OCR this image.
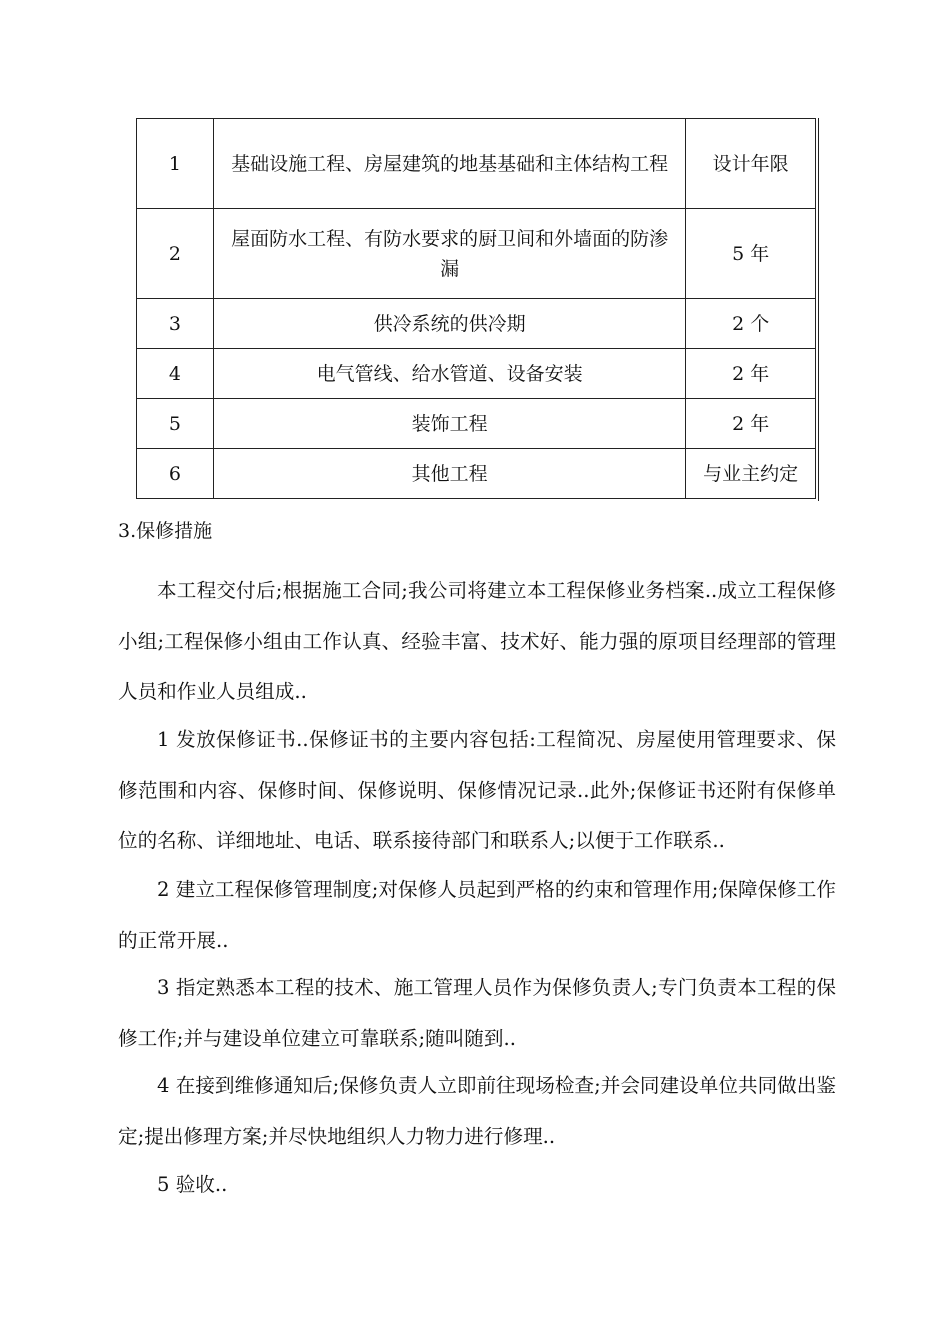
1	基础设施工程、房屋建筑的地基基础和主体结构工程	设计年限
2	屋面防水工程、有防水要求的厨卫间和外墙面的防渗漏	5 年
3	供冷系统的供冷期	2 个
4	电气管线、给水管道、设备安装	2 年
5	装饰工程	2 年
6	其他工程	与业主约定
3.保修措施

本工程交付后;根据施工合同;我公司将建立本工程保修业务档案..成立工程保修小组;工程保修小组由工作认真、经验丰富、技术好、能力强的原项目经理部的管理人员和作业人员组成..

1 发放保修证书..保修证书的主要内容包括:工程简况、房屋使用管理要求、保修范围和内容、保修时间、保修说明、保修情况记录..此外;保修证书还附有保修单位的名称、详细地址、电话、联系接待部门和联系人;以便于工作联系..

2 建立工程保修管理制度;对保修人员起到严格的约束和管理作用;保障保修工作的正常开展..

3 指定熟悉本工程的技术、施工管理人员作为保修负责人;专门负责本工程的保修工作;并与建设单位建立可靠联系;随叫随到..

4 在接到维修通知后;保修负责人立即前往现场检查;并会同建设单位共同做出鉴定;提出修理方案;并尽快地组织人力物力进行修理..

5 验收..
